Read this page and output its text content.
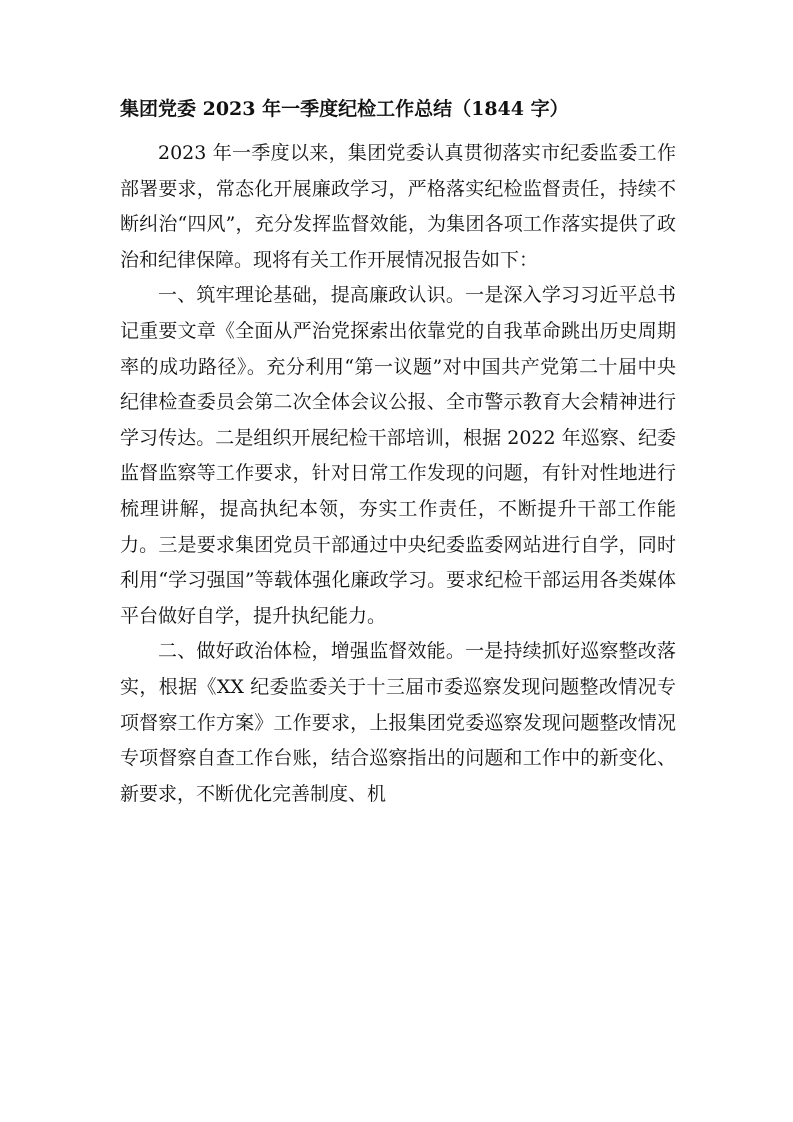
集团党委 2023 年一季度纪检工作总结（1844 字）

2023 年一季度以来，集团党委认真贯彻落实市纪委监委工作部署要求，常态化开展廉政学习，严格落实纪检监督责任，持续不断纠治“四风”，充分发挥监督效能，为集团各项工作落实提供了政治和纪律保障。现将有关工作开展情况报告如下：

一、筑牢理论基础，提高廉政认识。一是深入学习习近平总书记重要文章《全面从严治党探索出依靠党的自我革命跳出历史周期率的成功路径》。充分利用“第一议题”对中国共产党第二十届中央纪律检查委员会第二次全体会议公报、全市警示教育大会精神进行学习传达。二是组织开展纪检干部培训，根据 2022 年巡察、纪委监督监察等工作要求，针对日常工作发现的问题，有针对性地进行梳理讲解，提高执纪本领，夯实工作责任，不断提升干部工作能力。三是要求集团党员干部通过中央纪委监委网站进行自学，同时利用“学习强国”等载体强化廉政学习。要求纪检干部运用各类媒体平台做好自学，提升执纪能力。

二、做好政治体检，增强监督效能。一是持续抓好巡察整改落实，根据《XX 纪委监委关于十三届市委巡察发现问题整改情况专项督察工作方案》工作要求，上报集团党委巡察发现问题整改情况专项督察自查工作台账，结合巡察指出的问题和工作中的新变化、新要求，不断优化完善制度、机
